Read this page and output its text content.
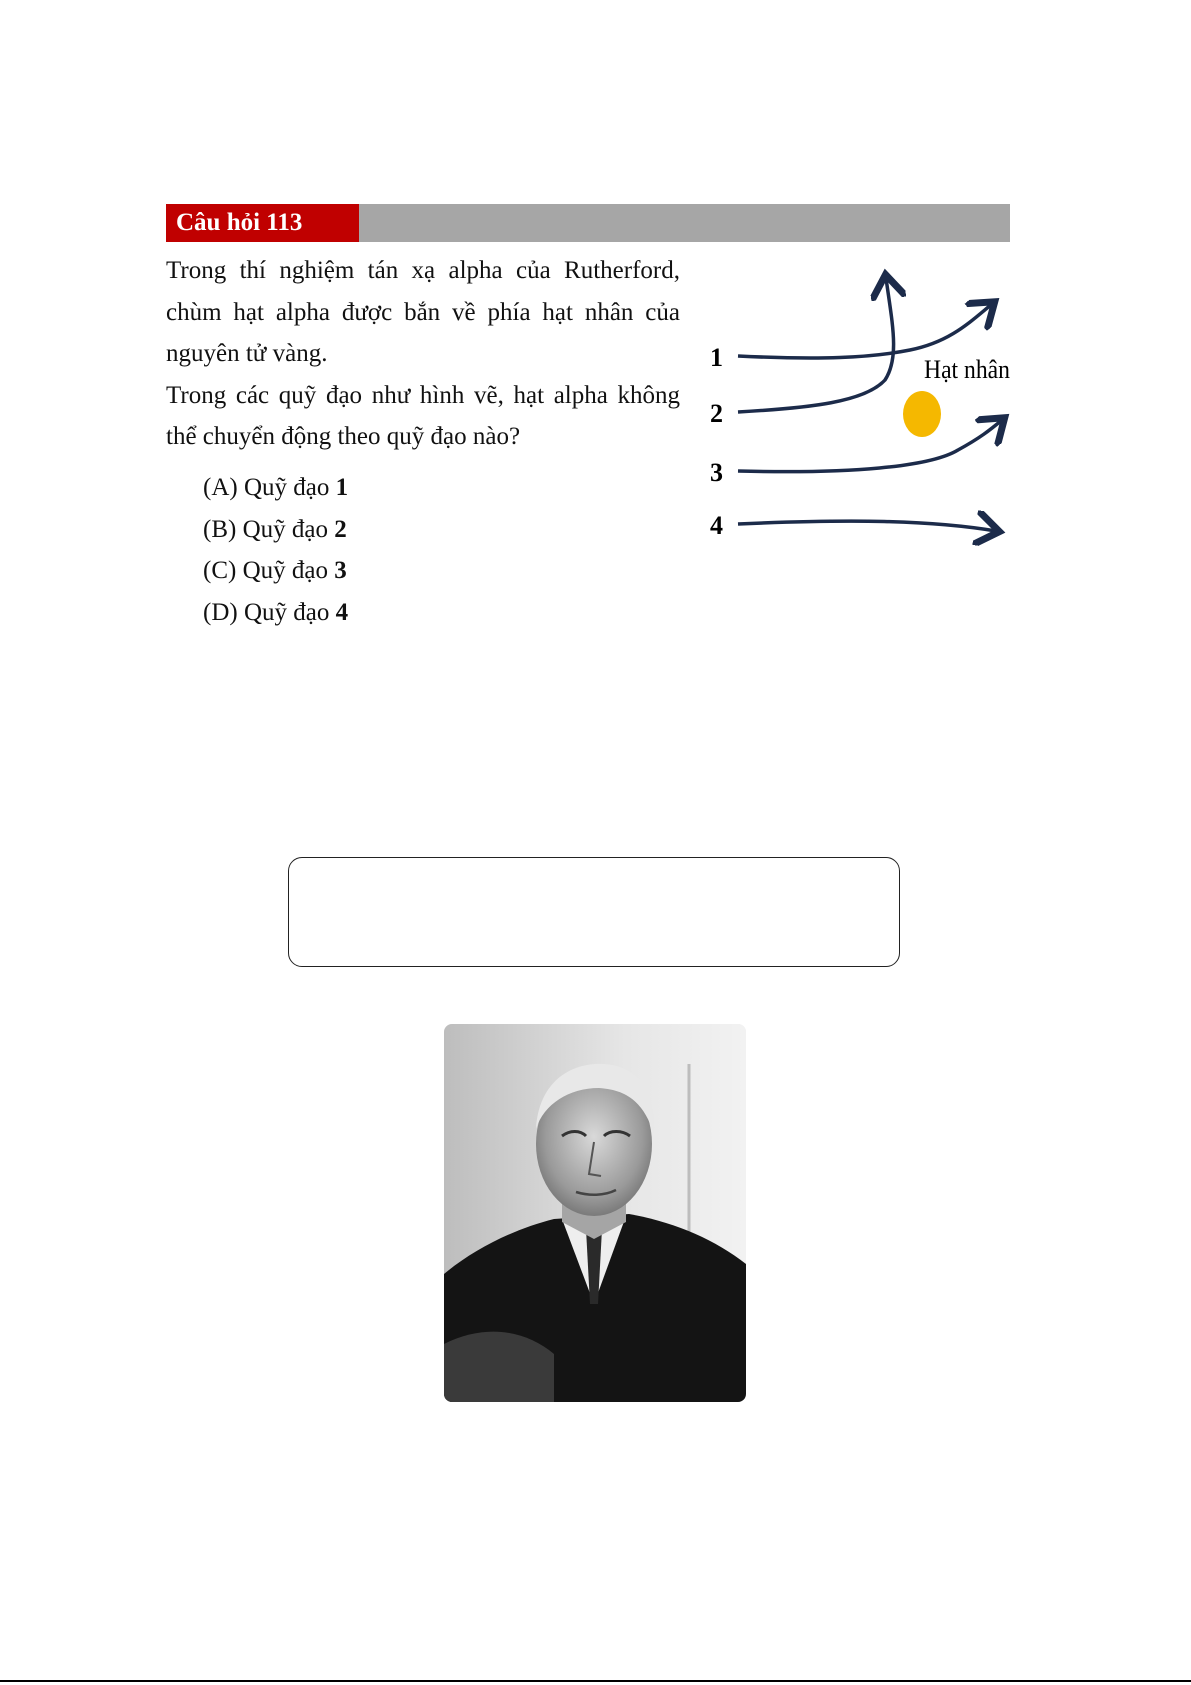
Câu hỏi 113

Trong thí nghiệm tán xạ alpha của Rutherford, chùm hạt alpha được bắn về phía hạt nhân của nguyên tử vàng.

Trong các quỹ đạo như hình vẽ, hạt alpha không thể chuyển động theo quỹ đạo nào?

(A) Quỹ đạo 1
(B) Quỹ đạo 2
(C) Quỹ đạo 3
(D) Quỹ đạo 4
1
2
3
4
Hạt nhân
